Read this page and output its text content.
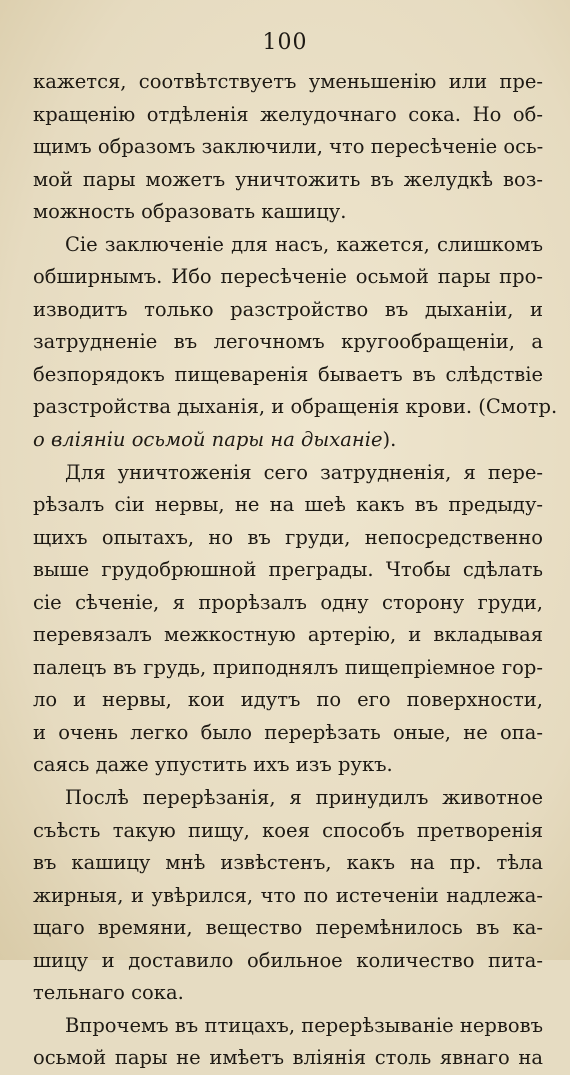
100
кажется, соотвѣтствуетъ уменьшенію или пре-
кращенію отдѣленія желудочнаго сока. Но об-
щимъ образомъ заключили, что пересѣченіе ось-
мой пары можетъ уничтожить въ желудкѣ воз-
можность образовать кашицу.
Сіе заключеніе для насъ, кажется, слишкомъ
обширнымъ. Ибо пересѣченіе осьмой пары про-
изводитъ только разстройство въ дыханіи, и
затрудненіе въ легочномъ кругообращеніи, а
безпорядокъ пищеваренія бываетъ въ слѣдствіе
разстройства дыханія, и обращенія крови. (Смотр.
о вліяніи осьмой пары на дыханіе).
Для уничтоженія сего затрудненія, я пере-
рѣзалъ сіи нервы, не на шеѣ какъ въ предыду-
щихъ опытахъ, но въ груди, непосредственно
выше грудобрюшной преграды. Чтобы сдѣлать
сіе сѣченіе, я прорѣзалъ одну сторону груди,
перевязалъ межкостную артерію, и вкладывая
палецъ въ грудь, приподнялъ пищепріемное гор-
ло и нервы, кои идутъ по его поверхности,
и очень легко было перерѣзать оные, не опа-
саясь даже упустить ихъ изъ рукъ.
Послѣ перерѣзанія, я принудилъ животное
съѣсть такую пищу, коея способъ претворенія
въ кашицу мнѣ извѣстенъ, какъ на пр. тѣла
жирныя, и увѣрился, что по истеченіи надлежа-
щаго времяни, вещество перемѣнилось въ ка-
шицу и доставило обильное количество пита-
тельнаго сока.
Впрочемъ въ птицахъ, перерѣзываніе нервовъ
осьмой пары не имѣетъ вліянія столь явнаго на
